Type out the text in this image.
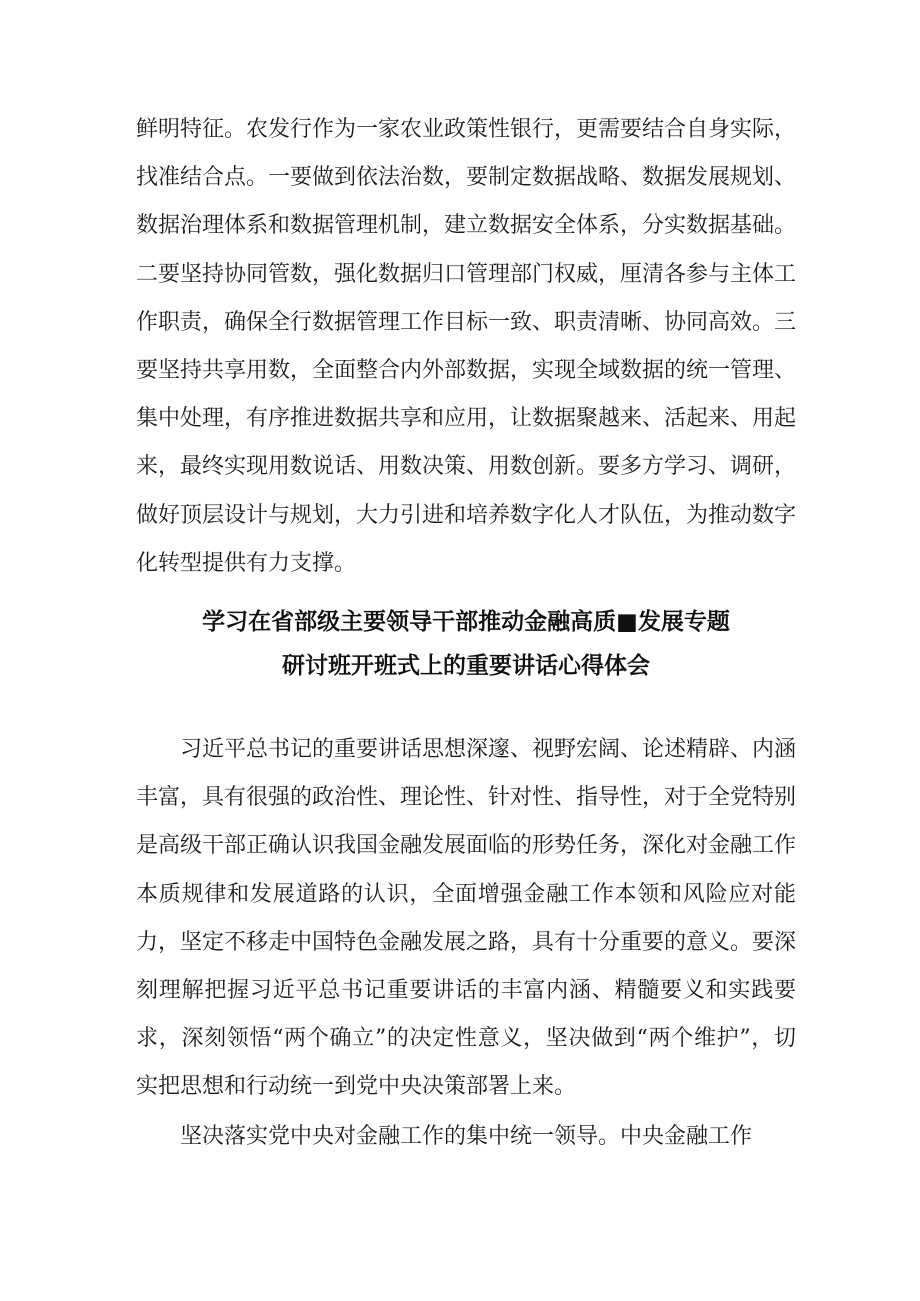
鲜明特征。农发行作为一家农业政策性银行，更需要结合自身实际，找准结合点。一要做到依法治数，要制定数据战略、数据发展规划、数据治理体系和数据管理机制，建立数据安全体系，分实数据基础。二要坚持协同管数，强化数据归口管理部门权威，厘清各参与主体工作职责，确保全行数据管理工作目标一致、职责清晰、协同高效。三要坚持共享用数，全面整合内外部数据，实现全域数据的统一管理、集中处理，有序推进数据共享和应用，让数据聚越来、活起来、用起来，最终实现用数说话、用数决策、用数创新。要多方学习、调研，做好顶层设计与规划，大力引进和培养数字化人才队伍，为推动数字化转型提供有力支撑。

学习在省部级主要领导干部推动金融高质■发展专题
研讨班开班式上的重要讲话心得体会

习近平总书记的重要讲话思想深邃、视野宏阔、论述精辟、内涵丰富，具有很强的政治性、理论性、针对性、指导性，对于全党特别是高级干部正确认识我国金融发展面临的形势任务，深化对金融工作本质规律和发展道路的认识，全面增强金融工作本领和风险应对能力，坚定不移走中国特色金融发展之路，具有十分重要的意义。要深刻理解把握习近平总书记重要讲话的丰富内涵、精髓要义和实践要求，深刻领悟“两个确立”的决定性意义，坚决做到“两个维护”，切实把思想和行动统一到党中央决策部署上来。

坚决落实党中央对金融工作的集中统一领导。中央金融工作
